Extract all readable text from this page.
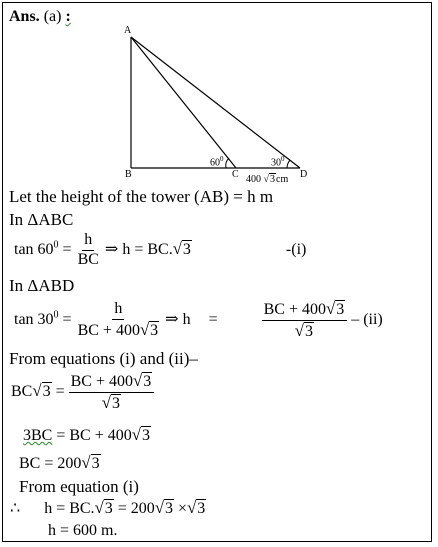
Ans. (a) :
A
B	C	D
$60^0$	$30^0$
400 √3cm
Let the height of the tower (AB) = h m
In ΔABC
$\tan 60^0 = \frac{h}{BC}$ ⇒ h = BC.√3	-(i)
In ΔABD
$\tan 30^0 = \frac{h}{BC + 400√3}$ ⇒ h =	$\frac{BC + 400√3}{√3} - (ii)$
From equations (i) and (ii)–
$BC√3 = \frac{BC + 400√3}{√3}$
3BC = BC + 400√3
BC = 200√3
From equation (i)
∴ h = BC.√3 = 200√3 ×√3
h = 600 m.
